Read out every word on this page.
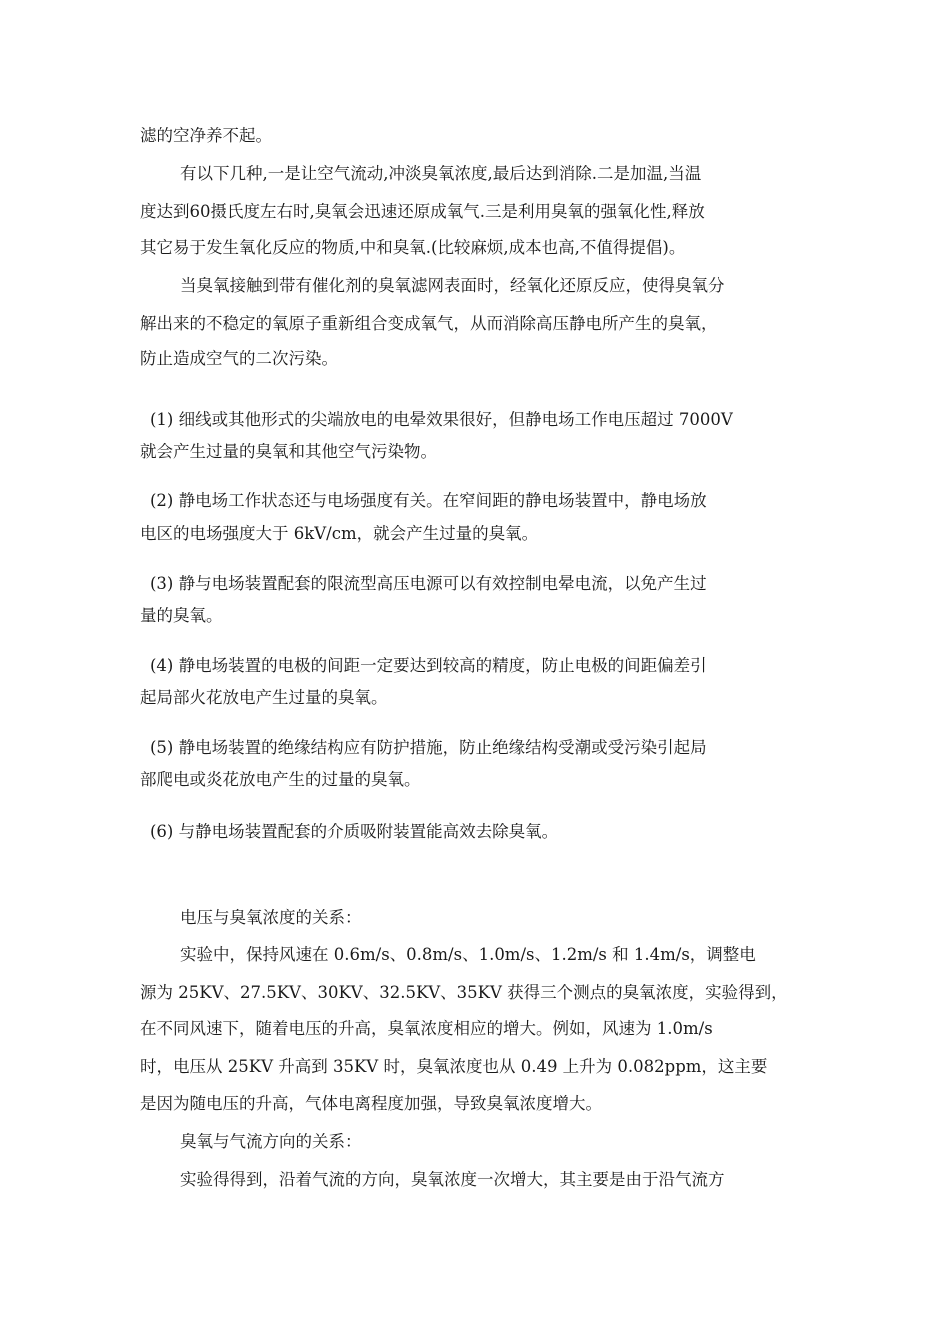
滤的空净养不起。
有以下几种,一是让空气流动,冲淡臭氧浓度,最后达到消除.二是加温,当温
度达到60摄氏度左右时,臭氧会迅速还原成氧气.三是利用臭氧的强氧化性,释放
其它易于发生氧化反应的物质,中和臭氧.(比较麻烦,成本也高,不值得提倡)。
当臭氧接触到带有催化剂的臭氧滤网表面时，经氧化还原反应，使得臭氧分
解出来的不稳定的氧原子重新组合变成氧气，从而消除高压静电所产生的臭氧，
防止造成空气的二次污染。
(1) 细线或其他形式的尖端放电的电晕效果很好，但静电场工作电压超过 7000V
就会产生过量的臭氧和其他空气污染物。
(2) 静电场工作状态还与电场强度有关。在窄间距的静电场装置中，静电场放
电区的电场强度大于 6kV/cm，就会产生过量的臭氧。
(3) 静与电场装置配套的限流型高压电源可以有效控制电晕电流，以免产生过
量的臭氧。
(4) 静电场装置的电极的间距一定要达到较高的精度，防止电极的间距偏差引
起局部火花放电产生过量的臭氧。
(5) 静电场装置的绝缘结构应有防护措施，防止绝缘结构受潮或受污染引起局
部爬电或炎花放电产生的过量的臭氧。
(6) 与静电场装置配套的介质吸附装置能高效去除臭氧。
电压与臭氧浓度的关系：
实验中，保持风速在 0.6m/s、0.8m/s、1.0m/s、1.2m/s 和 1.4m/s，调整电
源为 25KV、27.5KV、30KV、32.5KV、35KV 获得三个测点的臭氧浓度，实验得到，
在不同风速下，随着电压的升高，臭氧浓度相应的增大。例如，风速为 1.0m/s
时，电压从 25KV 升高到 35KV 时，臭氧浓度也从 0.49 上升为 0.082ppm，这主要
是因为随电压的升高，气体电离程度加强，导致臭氧浓度增大。
臭氧与气流方向的关系：
实验得得到，沿着气流的方向，臭氧浓度一次增大，其主要是由于沿气流方
